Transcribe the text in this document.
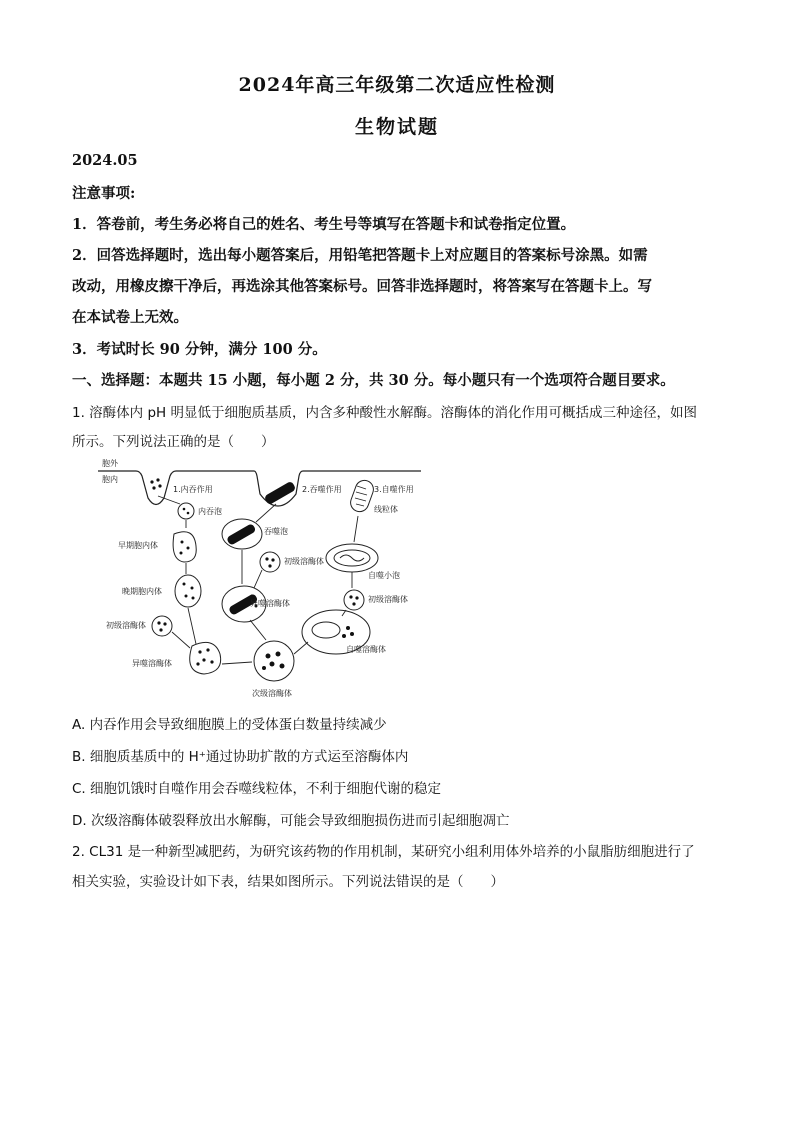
2024年高三年级第二次适应性检测
生物试题
2024.05
注意事项:
1．答卷前，考生务必将自己的姓名、考生号等填写在答题卡和试卷指定位置。
2．回答选择题时，选出每小题答案后，用铅笔把答题卡上对应题目的答案标号涂黑。如需
改动，用橡皮擦干净后，再选涂其他答案标号。回答非选择题时，将答案写在答题卡上。写
在本试卷上无效。
3．考试时长 90 分钟，满分 100 分。
一、选择题：本题共 15 小题，每小题 2 分，共 30 分。每小题只有一个选项符合题目要求。
1. 溶酶体内 pH 明显低于细胞质基质，内含多种酸性水解酶。溶酶体的消化作用可概括成三种途径，如图
所示。下列说法正确的是（　　）
胞外
胞内
1.内吞作用	2.吞噬作用	3.自噬作用
线粒体
内吞泡
早期胞内体
晚期胞内体
初级溶酶体
异噬溶酶体
吞噬泡
初级溶酶体
异噬溶酶体
自噬小泡
初级溶酶体
自噬溶酶体
次级溶酶体
A. 内吞作用会导致细胞膜上的受体蛋白数量持续减少
B. 细胞质基质中的 H⁺通过协助扩散的方式运至溶酶体内
C. 细胞饥饿时自噬作用会吞噬线粒体，不利于细胞代谢的稳定
D. 次级溶酶体破裂释放出水解酶，可能会导致细胞损伤进而引起细胞凋亡
2. CL31 是一种新型减肥药，为研究该药物的作用机制，某研究小组利用体外培养的小鼠脂肪细胞进行了
相关实验，实验设计如下表，结果如图所示。下列说法错误的是（　　）
